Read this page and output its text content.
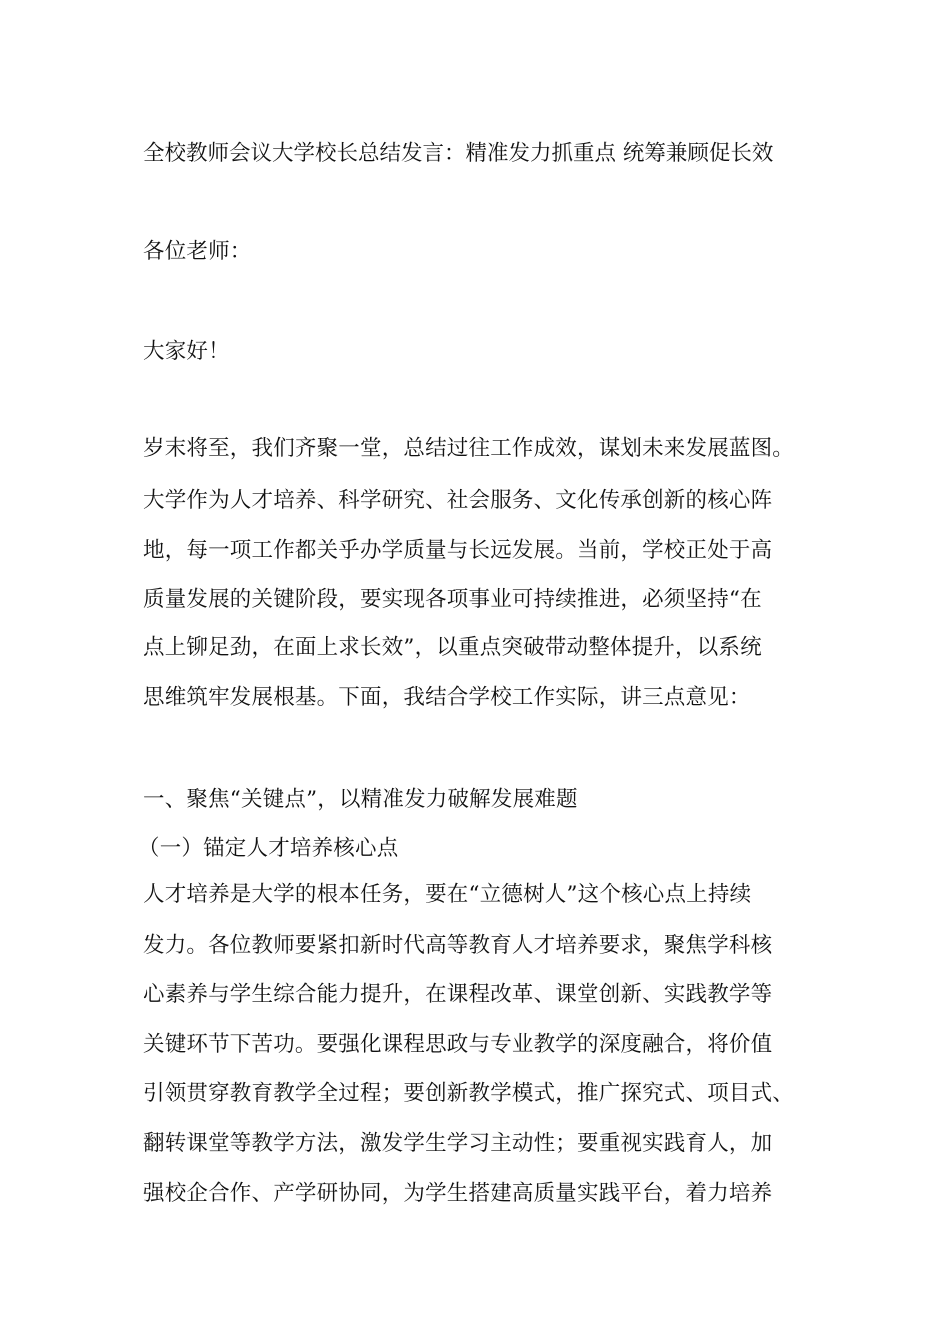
全校教师会议大学校长总结发言：精准发力抓重点 统筹兼顾促长效
各位老师：
大家好！
岁末将至，我们齐聚一堂，总结过往工作成效，谋划未来发展蓝图。
大学作为人才培养、科学研究、社会服务、文化传承创新的核心阵
地，每一项工作都关乎办学质量与长远发展。当前，学校正处于高
质量发展的关键阶段，要实现各项事业可持续推进，必须坚持“在
点上铆足劲，在面上求长效”，以重点突破带动整体提升，以系统
思维筑牢发展根基。下面，我结合学校工作实际，讲三点意见：
一、聚焦“关键点”，以精准发力破解发展难题
（一）锚定人才培养核心点
人才培养是大学的根本任务，要在“立德树人”这个核心点上持续
发力。各位教师要紧扣新时代高等教育人才培养要求，聚焦学科核
心素养与学生综合能力提升，在课程改革、课堂创新、实践教学等
关键环节下苦功。要强化课程思政与专业教学的深度融合，将价值
引领贯穿教育教学全过程；要创新教学模式，推广探究式、项目式、
翻转课堂等教学方法，激发学生学习主动性；要重视实践育人，加
强校企合作、产学研协同，为学生搭建高质量实践平台，着力培养
